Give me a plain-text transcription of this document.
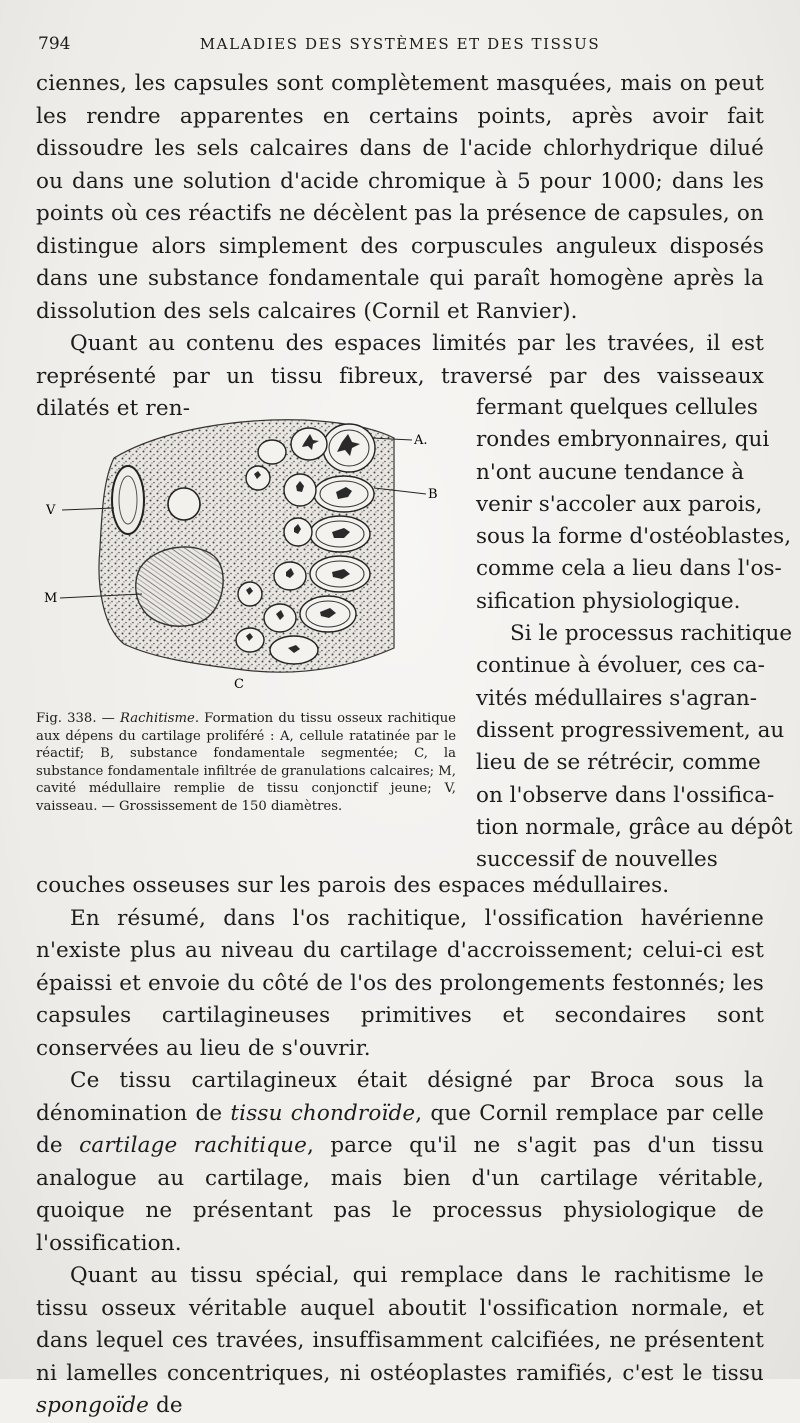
794	MALADIES DES SYSTÈMES ET DES TISSUS

ciennes, les capsules sont complètement masquées, mais on peut les rendre apparentes en certains points, après avoir fait dissoudre les sels calcaires dans de l'acide chlorhydrique dilué ou dans une solution d'acide chromique à 5 pour 1000; dans les points où ces réactifs ne décèlent pas la présence de capsules, on distingue alors simplement des corpuscules anguleux disposés dans une substance fondamentale qui paraît homogène après la dissolution des sels calcaires (Cornil et Ranvier).

Quant au contenu des espaces limités par les travées, il est représenté par un tissu fibreux, traversé par des vaisseaux dilatés et ren-

A.
B
C
M
V
Fig. 338. — Rachitisme. Formation du tissu osseux rachitique aux dépens du cartilage proliféré : A, cellule ratatinée par le réactif; B, substance fondamentale segmentée; C, la substance fondamentale infiltrée de granulations calcaires; M, cavité médullaire remplie de tissu conjonctif jeune; V, vaisseau. — Grossissement de 150 diamètres.
fermant quelques cellules
rondes embryonnaires, qui
n'ont aucune tendance à
venir s'accoler aux parois,
sous la forme d'ostéoblastes,
comme cela a lieu dans l'os-
sification physiologique.
Si le processus rachitique
continue à évoluer, ces ca-
vités médullaires s'agran-
dissent progressivement, au
lieu de se rétrécir, comme
on l'observe dans l'ossifica-
tion normale, grâce au dépôt
successif de nouvelles

couches osseuses sur les parois des espaces médullaires.

En résumé, dans l'os rachitique, l'ossification havérienne n'existe plus au niveau du cartilage d'accroissement; celui-ci est épaissi et envoie du côté de l'os des prolongements festonnés; les capsules cartilagineuses primitives et secondaires sont conservées au lieu de s'ouvrir.

Ce tissu cartilagineux était désigné par Broca sous la dénomination de tissu chondroïde, que Cornil remplace par celle de cartilage rachitique, parce qu'il ne s'agit pas d'un tissu analogue au cartilage, mais bien d'un cartilage véritable, quoique ne présentant pas le processus physiologique de l'ossification.

Quant au tissu spécial, qui remplace dans le rachitisme le tissu osseux véritable auquel aboutit l'ossification normale, et dans lequel ces travées, insuffisamment calcifiées, ne présentent ni lamelles concentriques, ni ostéoplastes ramifiés, c'est le tissu spongoïde de
